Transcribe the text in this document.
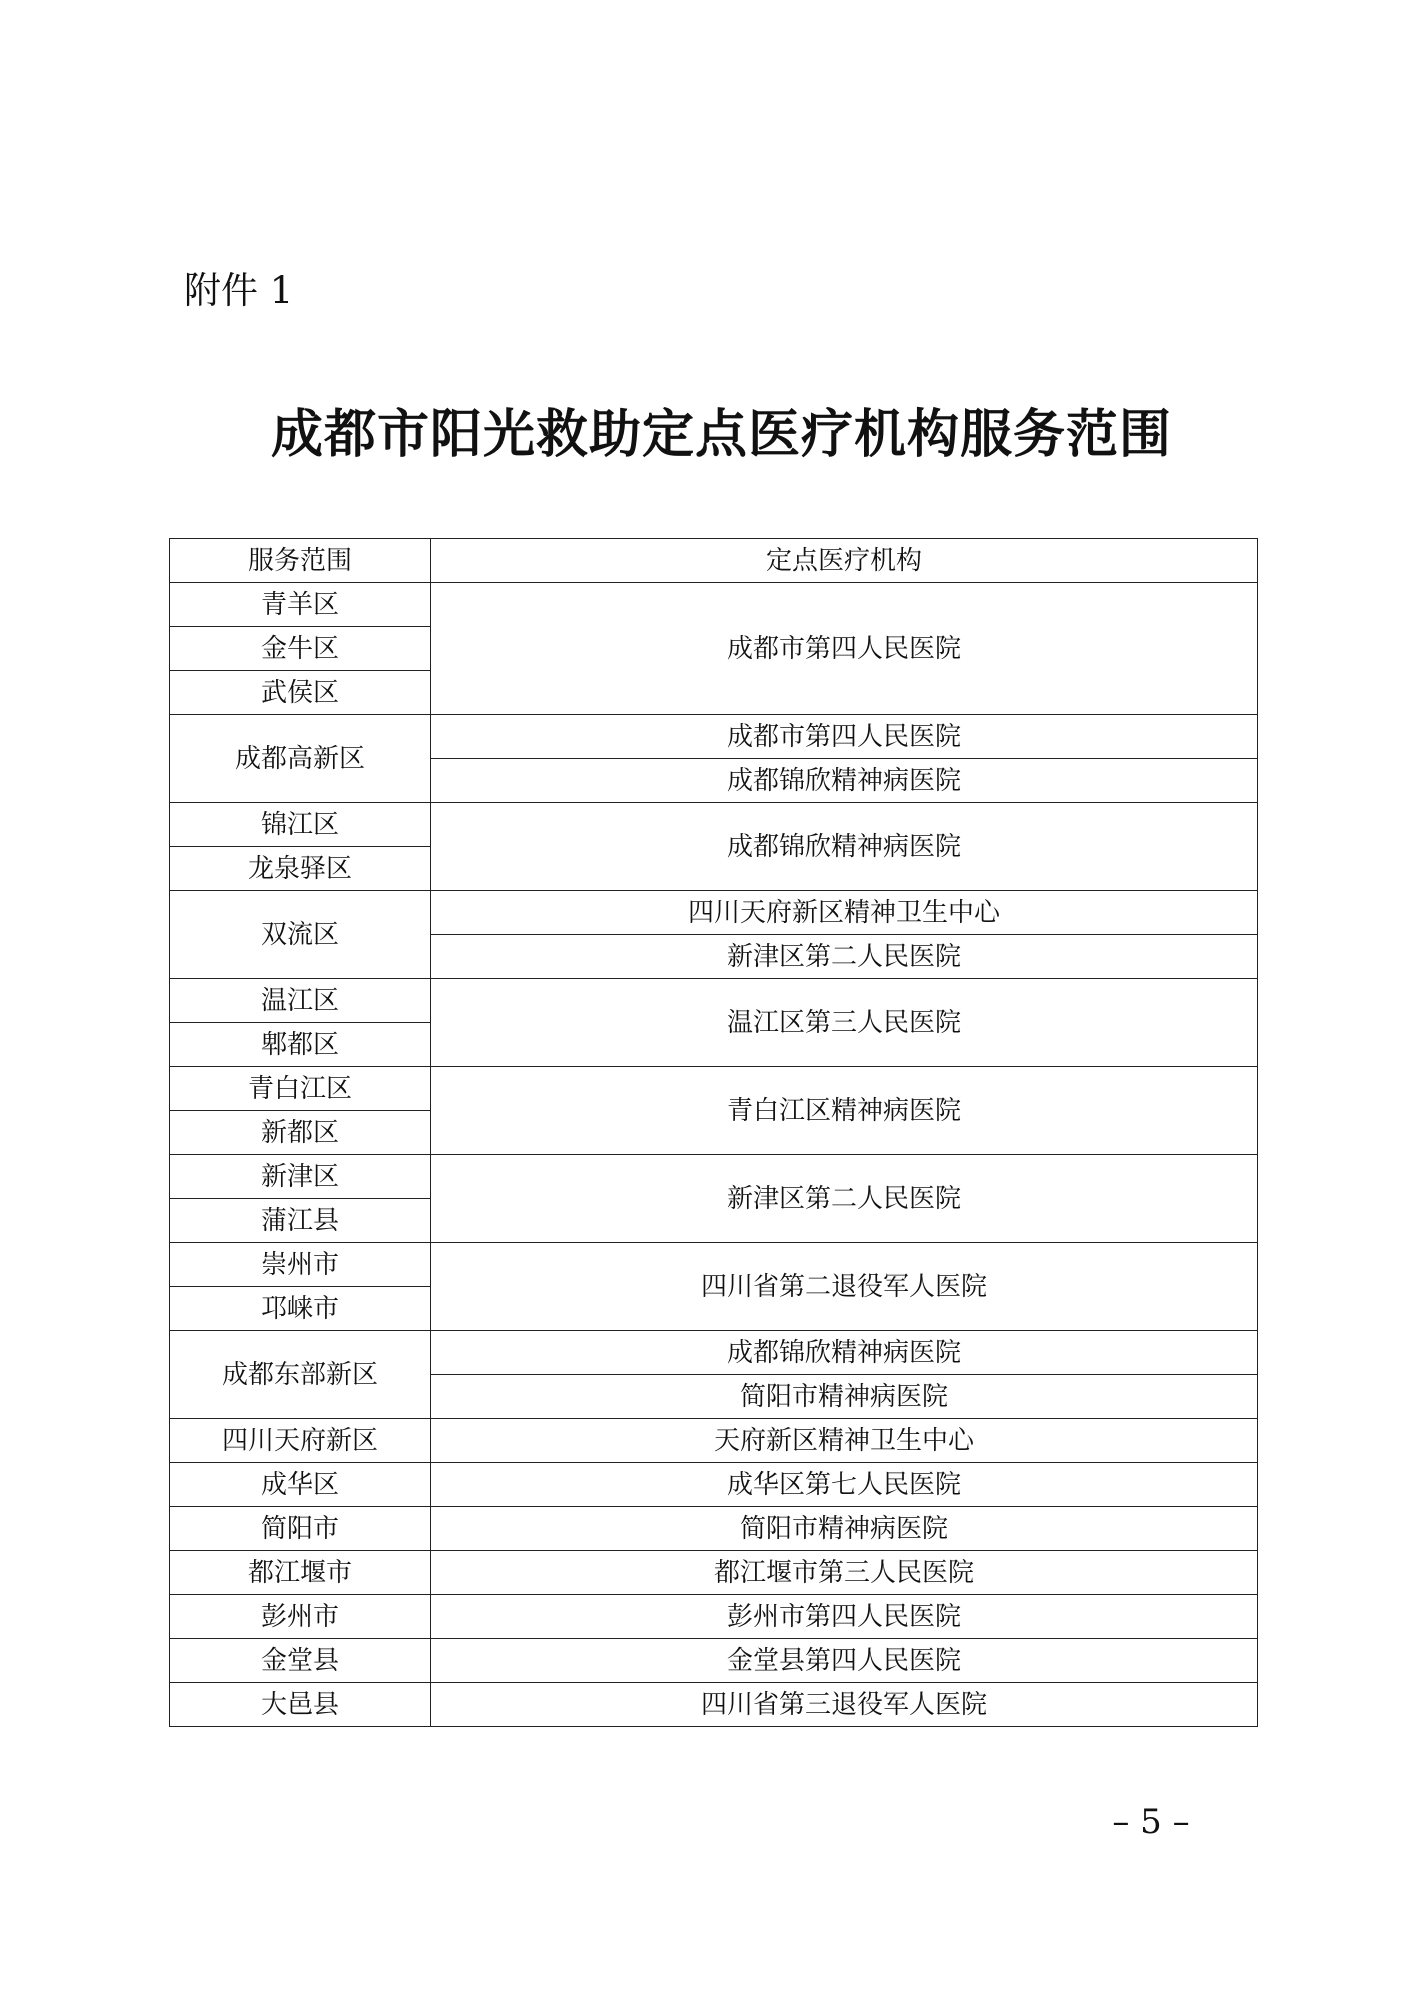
附件 1
成都市阳光救助定点医疗机构服务范围
服务范围	定点医疗机构
青羊区	成都市第四人民医院
金牛区	
武侯区	
成都高新区	成都市第四人民医院
	成都锦欣精神病医院
锦江区	成都锦欣精神病医院
龙泉驿区	
双流区	四川天府新区精神卫生中心
	新津区第二人民医院
温江区	温江区第三人民医院
郫都区	
青白江区	青白江区精神病医院
新都区	
新津区	新津区第二人民医院
蒲江县	
崇州市	四川省第二退役军人医院
邛崃市	
成都东部新区	成都锦欣精神病医院
	简阳市精神病医院
四川天府新区	天府新区精神卫生中心
成华区	成华区第七人民医院
简阳市	简阳市精神病医院
都江堰市	都江堰市第三人民医院
彭州市	彭州市第四人民医院
金堂县	金堂县第四人民医院
大邑县	四川省第三退役军人医院
– 5 –
